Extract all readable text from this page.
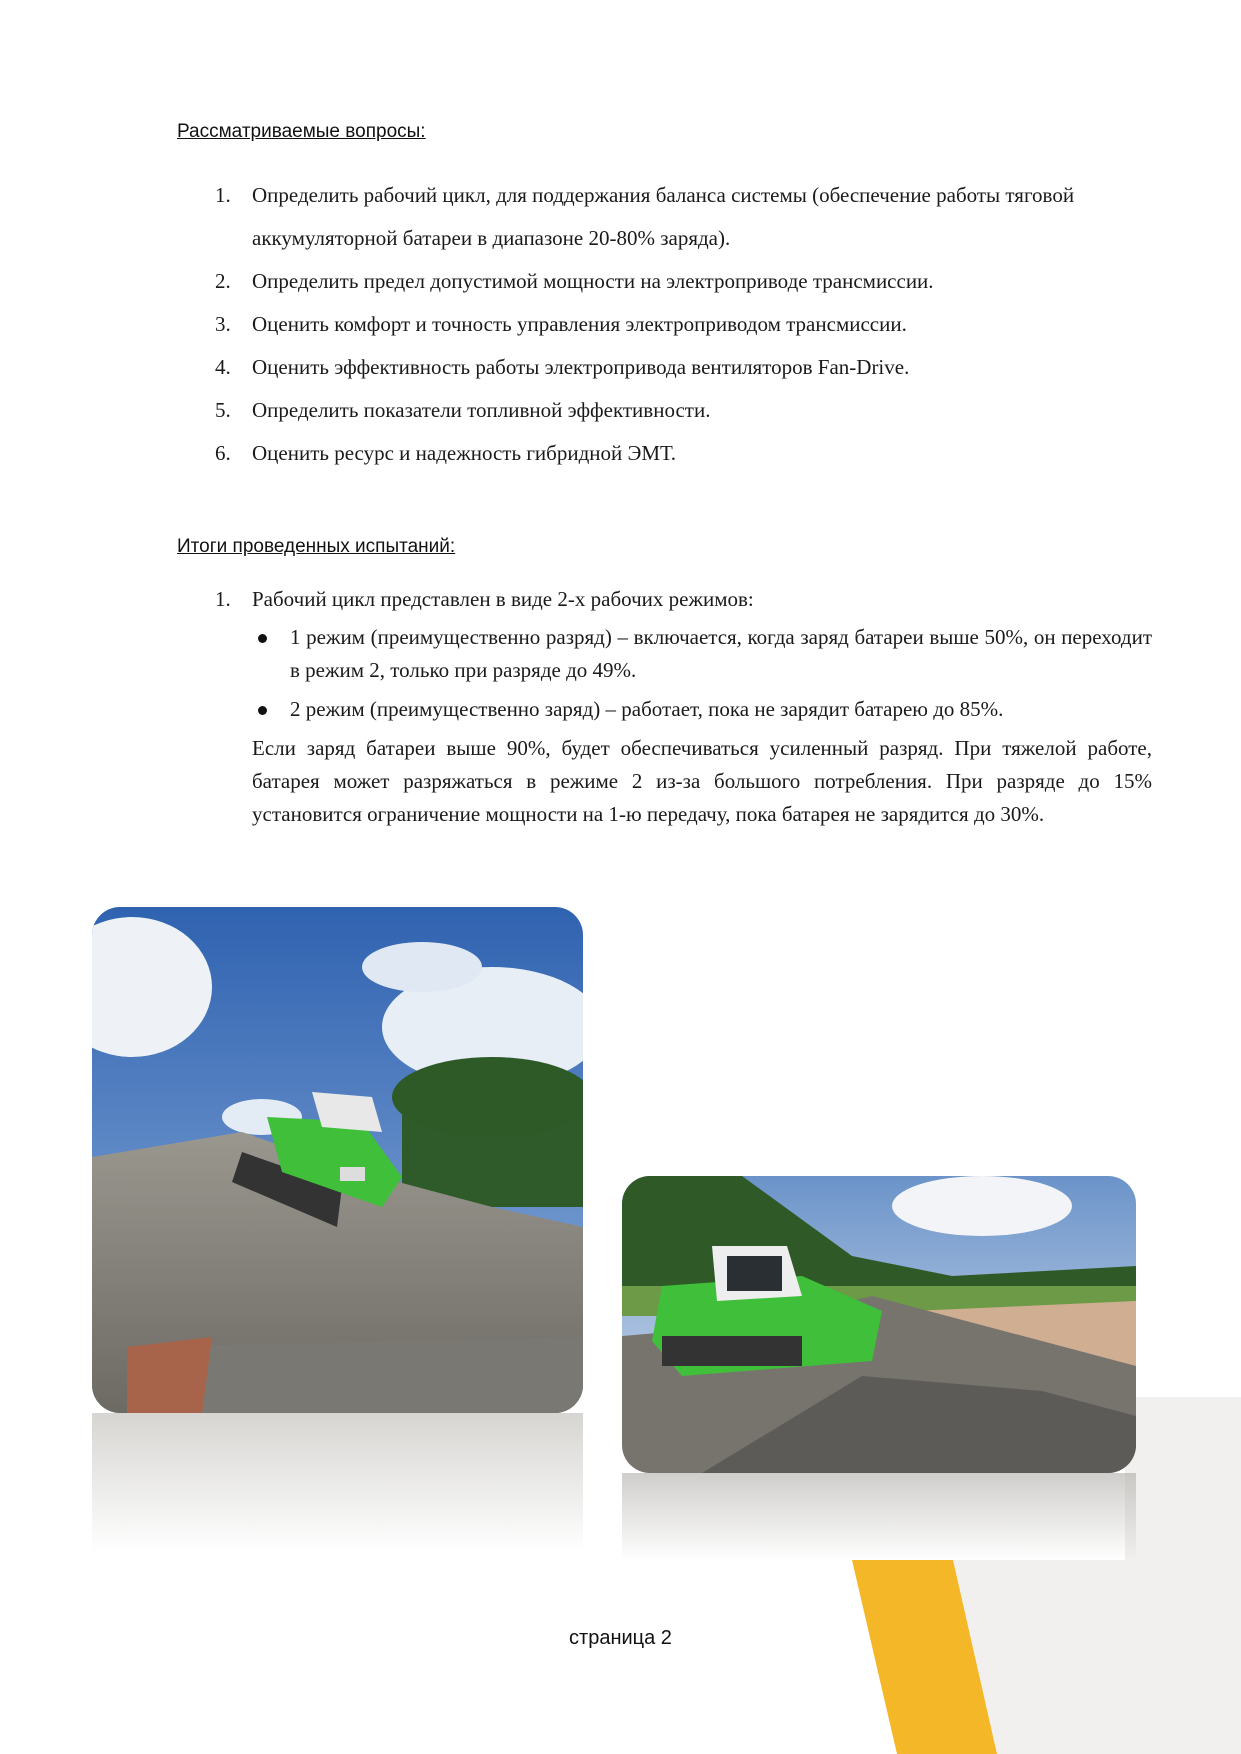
Рассматриваемые вопросы:
1. Определить рабочий цикл, для поддержания баланса системы (обеспечение работы тяговой аккумуляторной батареи в диапазоне 20-80% заряда).
2. Определить предел допустимой мощности на электроприводе трансмиссии.
3. Оценить комфорт и точность управления электроприводом трансмиссии.
4. Оценить эффективность работы электропривода вентиляторов Fan-Drive.
5. Определить показатели топливной эффективности.
6. Оценить ресурс и надежность гибридной ЭМТ.
Итоги проведенных испытаний:
1. Рабочий цикл представлен в виде 2-х рабочих режимов:
1 режим (преимущественно разряд) – включается, когда заряд батареи выше 50%, он переходит в режим 2, только при разряде до 49%.
2 режим (преимущественно заряд) – работает, пока не зарядит батарею до 85%.
Если заряд батареи выше 90%, будет обеспечиваться усиленный разряд. При тяжелой работе, батарея может разряжаться в режиме 2 из-за большого потребления. При разряде до 15% установится ограничение мощности на 1-ю передачу, пока батарея не зарядится до 30%.
страница 2
